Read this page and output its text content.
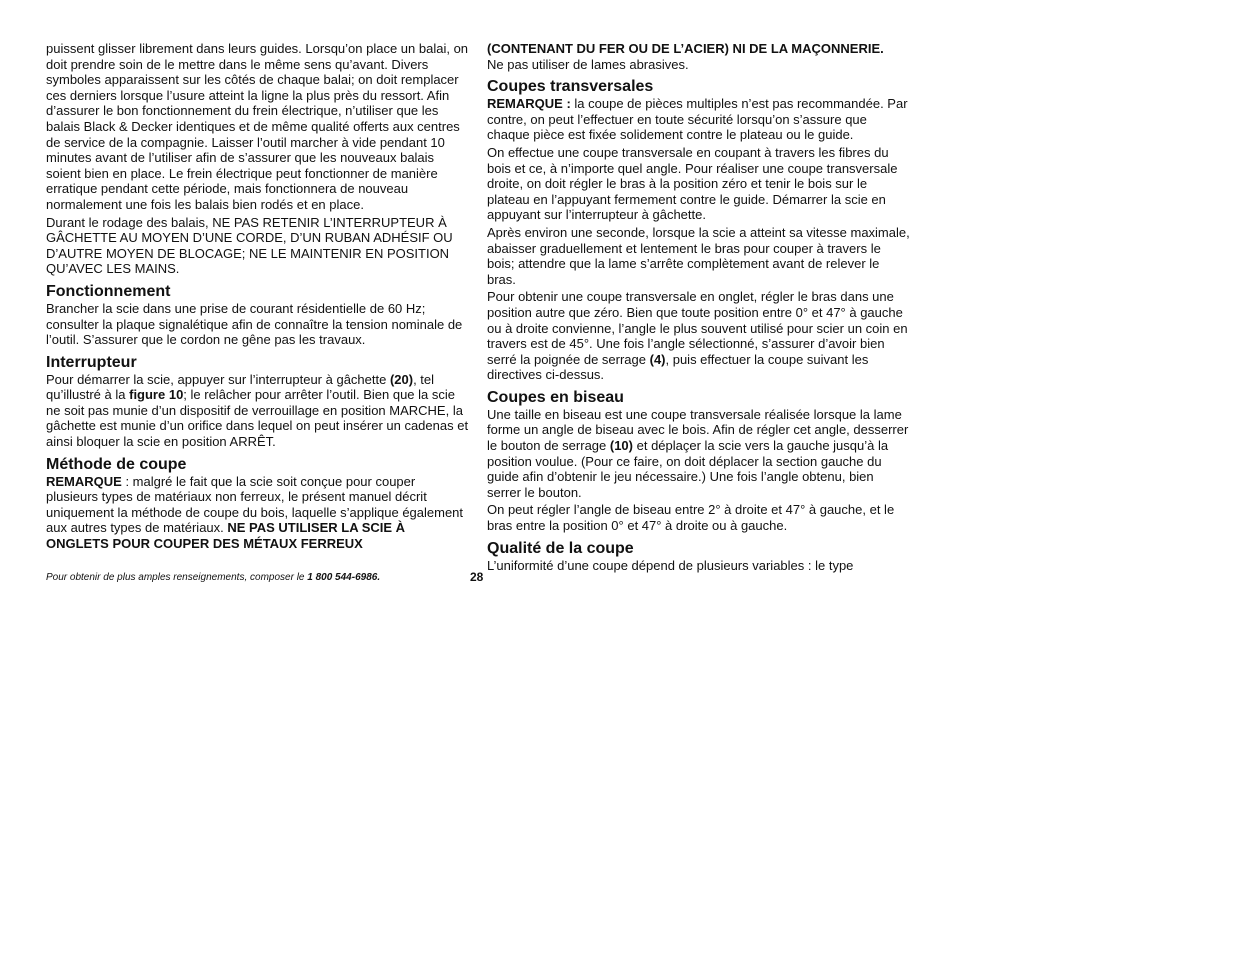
puissent glisser librement dans leurs guides. Lorsqu’on place un balai, on doit prendre soin de le mettre dans le même sens qu’avant. Divers symboles apparaissent sur les côtés de chaque balai; on doit remplacer ces derniers lorsque l’usure atteint la ligne la plus près du ressort. Afin d’assurer le bon fonctionnement du frein électrique, n’utiliser que les balais Black & Decker identiques et de même qualité offerts aux centres de service de la compagnie. Laisser l’outil marcher à vide pendant 10 minutes avant de l’utiliser afin de s’assurer que les nouveaux balais soient bien en place. Le frein électrique peut fonctionner de manière erratique pendant cette période, mais fonctionnera de nouveau normalement une fois les balais bien rodés et en place.

Durant le rodage des balais, NE PAS RETENIR L’INTERRUPTEUR À GÂCHETTE AU MOYEN D’UNE CORDE, D’UN RUBAN ADHÉSIF OU D’AUTRE MOYEN DE BLOCAGE; NE LE MAINTENIR EN POSITION QU’AVEC LES MAINS.

Fonctionnement

Brancher la scie dans une prise de courant résidentielle de 60 Hz; consulter la plaque signalétique afin de connaître la tension nominale de l’outil. S’assurer que le cordon ne gêne pas les travaux.

Interrupteur

Pour démarrer la scie, appuyer sur l’interrupteur à gâchette (20), tel qu’illustré à la figure 10; le relâcher pour arrêter l’outil. Bien que la scie ne soit pas munie d’un dispositif de verrouillage en position MARCHE, la gâchette est munie d’un orifice dans lequel on peut insérer un cadenas et ainsi bloquer la scie en position ARRÊT.

Méthode de coupe

REMARQUE : malgré le fait que la scie soit conçue pour couper plusieurs types de matériaux non ferreux, le présent manuel décrit uniquement la méthode de coupe du bois, laquelle s’applique également aux autres types de matériaux. NE PAS UTILISER LA SCIE À ONGLETS POUR COUPER DES MÉTAUX FERREUX

(CONTENANT DU FER OU DE L’ACIER) NI DE LA MAÇONNERIE.
Ne pas utiliser de lames abrasives.

Coupes transversales

REMARQUE : la coupe de pièces multiples n’est pas recommandée. Par contre, on peut l’effectuer en toute sécurité lorsqu’on s’assure que chaque pièce est fixée solidement contre le plateau ou le guide.

On effectue une coupe transversale en coupant à travers les fibres du bois et ce, à n’importe quel angle. Pour réaliser une coupe transversale droite, on doit régler le bras à la position zéro et tenir le bois sur le plateau en l’appuyant fermement contre le guide. Démarrer la scie en appuyant sur l’interrupteur à gâchette.

Après environ une seconde, lorsque la scie a atteint sa vitesse maximale, abaisser graduellement et lentement le bras pour couper à travers le bois; attendre que la lame s’arrête complètement avant de relever le bras.

Pour obtenir une coupe transversale en onglet, régler le bras dans une position autre que zéro. Bien que toute position entre 0° et 47° à gauche ou à droite convienne, l’angle le plus souvent utilisé pour scier un coin en travers est de 45°. Une fois l’angle sélectionné, s’assurer d’avoir bien serré la poignée de serrage (4), puis effectuer la coupe suivant les directives ci-dessus.

Coupes en biseau

Une taille en biseau est une coupe transversale réalisée lorsque la lame forme un angle de biseau avec le bois. Afin de régler cet angle, desserrer le bouton de serrage (10) et déplaçer la scie vers la gauche jusqu’à la position voulue. (Pour ce faire, on doit déplacer la section gauche du guide afin d’obtenir le jeu nécessaire.) Une fois l’angle obtenu, bien serrer le bouton.

On peut régler l’angle de biseau entre 2° à droite et 47° à gauche, et le bras entre la position 0° et 47° à droite ou à gauche.

Qualité de la coupe

L’uniformité d’une coupe dépend de plusieurs variables : le type

Pour obtenir de plus amples renseignements, composer le 1 800 544-6986.	28
